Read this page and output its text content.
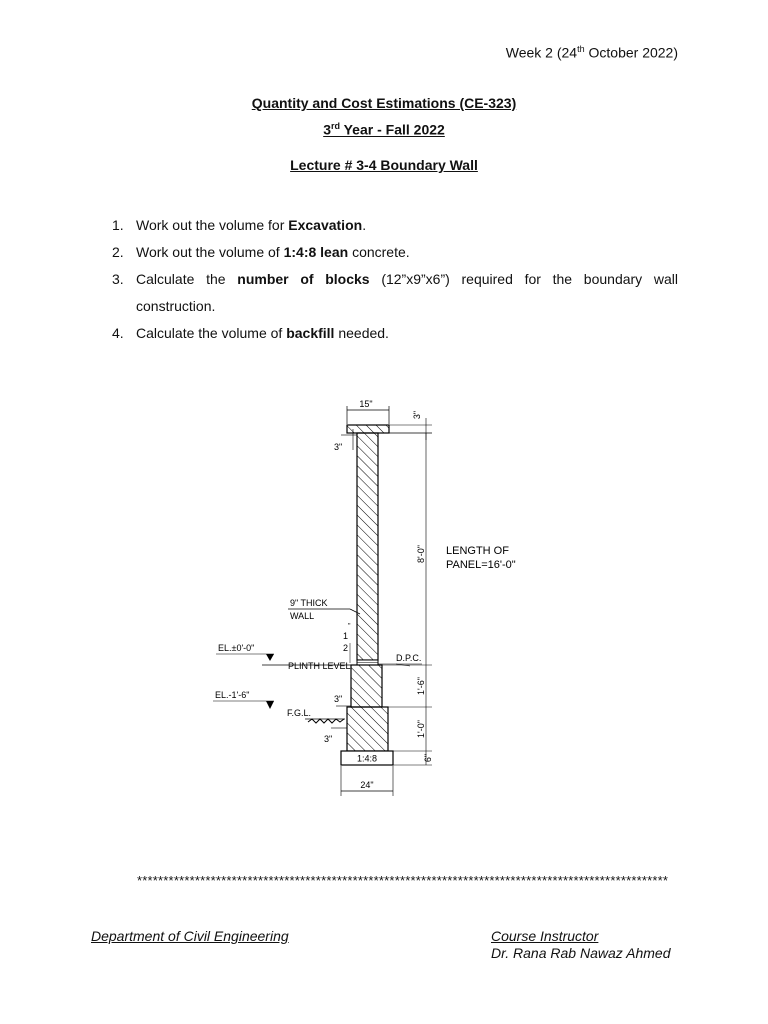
Week 2 (24th October 2022)
Quantity and Cost Estimations (CE-323)
3rd Year - Fall 2022
Lecture # 3-4 Boundary Wall
1. Work out the volume for Excavation.
2. Work out the volume of 1:4:8 lean concrete.
3. Calculate the number of blocks (12”x9”x6”) required for the boundary wall construction.
4. Calculate the volume of backfill needed.
1:4:8
15"
3"
3"
8'-0" LENGTH OF
PANEL=16'-0"
9" THICK
WALL
1
2
"
D.P.C.
EL.±0'-0"
PLINTH LEVEL
EL.-1'-6"
F.G.L.
3"
3"
1'-6"
1'-0"
6"
24"
*****************************************************************************************************
Department of Civil Engineering	Course Instructor
Dr. Rana Rab Nawaz Ahmed
